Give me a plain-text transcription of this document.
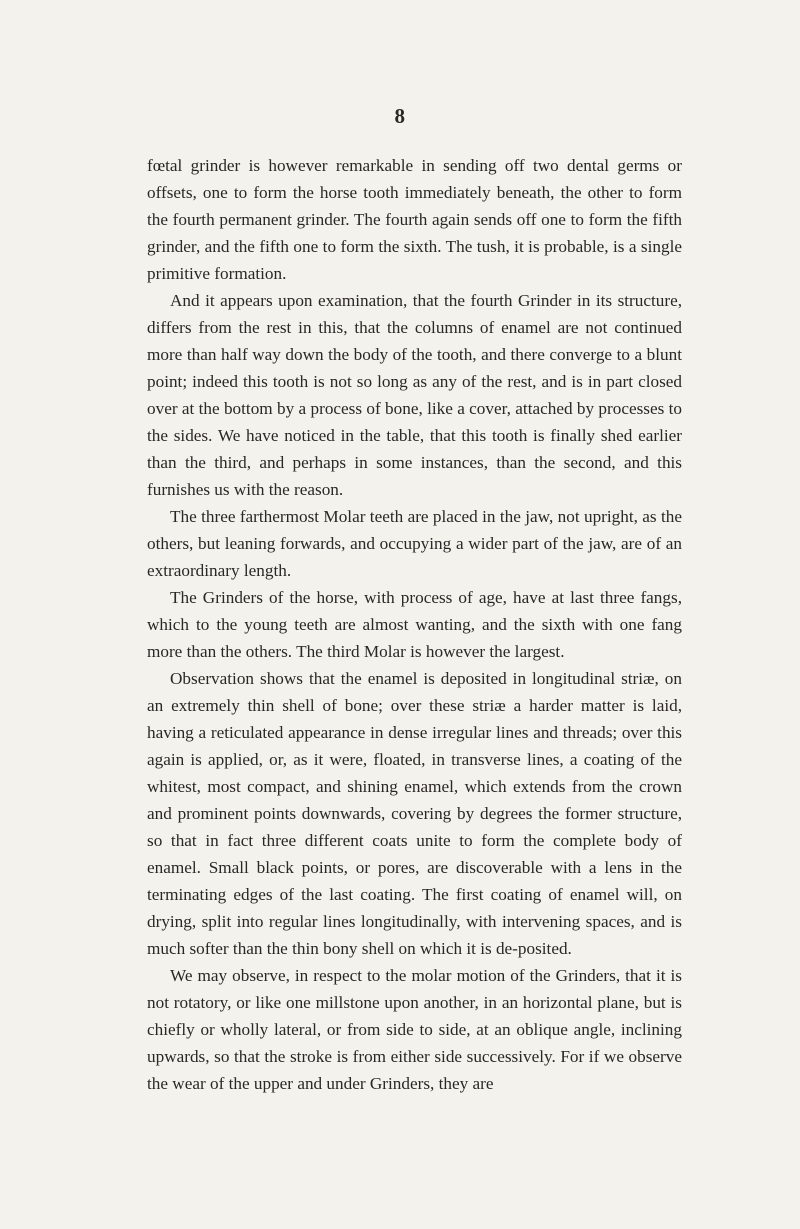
8

fœtal grinder is however remarkable in sending off two dental germs or offsets, one to form the horse tooth immediately beneath, the other to form the fourth permanent grinder. The fourth again sends off one to form the fifth grinder, and the fifth one to form the sixth. The tush, it is probable, is a single primitive formation.

And it appears upon examination, that the fourth Grinder in its structure, differs from the rest in this, that the columns of enamel are not continued more than half way down the body of the tooth, and there converge to a blunt point; indeed this tooth is not so long as any of the rest, and is in part closed over at the bottom by a process of bone, like a cover, attached by processes to the sides. We have noticed in the table, that this tooth is finally shed earlier than the third, and perhaps in some instances, than the second, and this furnishes us with the reason.

The three farthermost Molar teeth are placed in the jaw, not upright, as the others, but leaning forwards, and occupying a wider part of the jaw, are of an extraordinary length.

The Grinders of the horse, with process of age, have at last three fangs, which to the young teeth are almost wanting, and the sixth with one fang more than the others. The third Molar is however the largest.

Observation shows that the enamel is deposited in longitudinal striæ, on an extremely thin shell of bone; over these striæ a harder matter is laid, having a reticulated appearance in dense irregular lines and threads; over this again is applied, or, as it were, floated, in transverse lines, a coating of the whitest, most compact, and shining enamel, which extends from the crown and prominent points downwards, covering by degrees the former structure, so that in fact three different coats unite to form the complete body of enamel. Small black points, or pores, are discoverable with a lens in the terminating edges of the last coating. The first coating of enamel will, on drying, split into regular lines longitudinally, with intervening spaces, and is much softer than the thin bony shell on which it is de-posited.

We may observe, in respect to the molar motion of the Grinders, that it is not rotatory, or like one millstone upon another, in an horizontal plane, but is chiefly or wholly lateral, or from side to side, at an oblique angle, inclining upwards, so that the stroke is from either side successively. For if we observe the wear of the upper and under Grinders, they are
